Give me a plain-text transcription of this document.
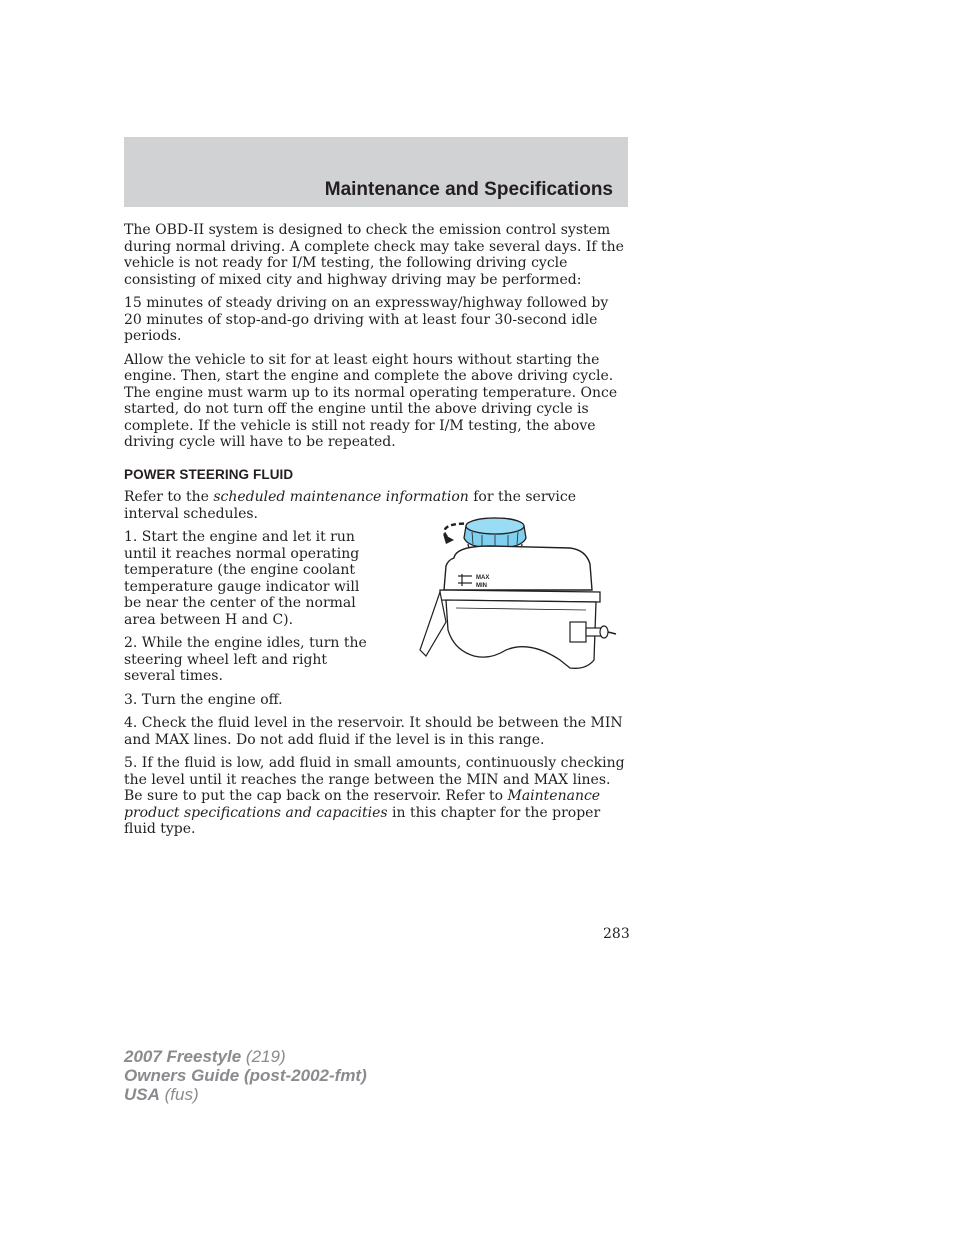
Maintenance and Specifications

The OBD-II system is designed to check the emission control system during normal driving. A complete check may take several days. If the vehicle is not ready for I/M testing, the following driving cycle consisting of mixed city and highway driving may be performed:

15 minutes of steady driving on an expressway/highway followed by 20 minutes of stop-and-go driving with at least four 30-second idle periods.

Allow the vehicle to sit for at least eight hours without starting the engine. Then, start the engine and complete the above driving cycle. The engine must warm up to its normal operating temperature. Once started, do not turn off the engine until the above driving cycle is complete. If the vehicle is still not ready for I/M testing, the above driving cycle will have to be repeated.

POWER STEERING FLUID

Refer to the scheduled maintenance information for the service interval schedules.

1. Start the engine and let it run until it reaches normal operating temperature (the engine coolant temperature gauge indicator will be near the center of the normal area between H and C).

2. While the engine idles, turn the steering wheel left and right several times.

3. Turn the engine off.

4. Check the fluid level in the reservoir. It should be between the MIN and MAX lines. Do not add fluid if the level is in this range.

5. If the fluid is low, add fluid in small amounts, continuously checking the level until it reaches the range between the MIN and MAX lines. Be sure to put the cap back on the reservoir. Refer to Maintenance product specifications and capacities in this chapter for the proper fluid type.

MAX
MIN
283
2007 Freestyle (219)
Owners Guide (post-2002-fmt)
USA (fus)
